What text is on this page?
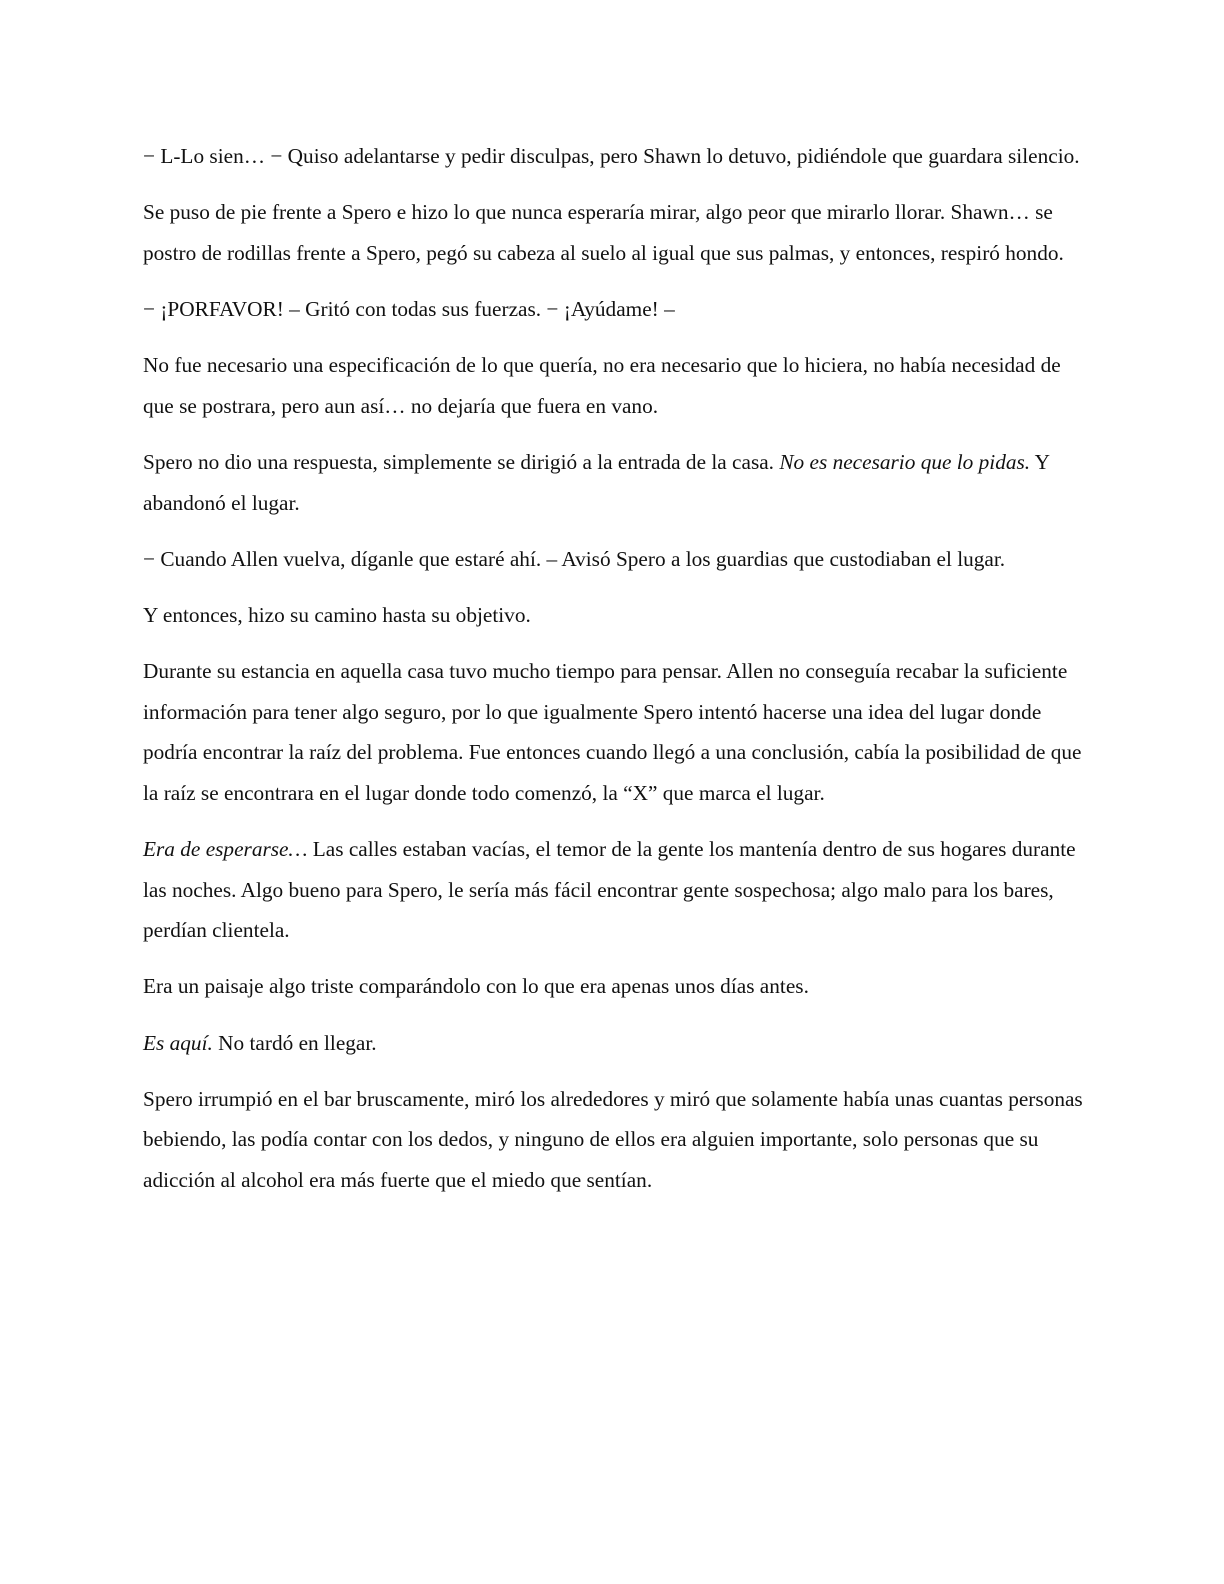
− L-Lo sien… − Quiso adelantarse y pedir disculpas, pero Shawn lo detuvo, pidiéndole que guardara silencio.

Se puso de pie frente a Spero e hizo lo que nunca esperaría mirar, algo peor que mirarlo llorar. Shawn… se postro de rodillas frente a Spero, pegó su cabeza al suelo al igual que sus palmas, y entonces, respiró hondo.

− ¡PORFAVOR! – Gritó con todas sus fuerzas. − ¡Ayúdame! –

No fue necesario una especificación de lo que quería, no era necesario que lo hiciera, no había necesidad de que se postrara, pero aun así… no dejaría que fuera en vano.

Spero no dio una respuesta, simplemente se dirigió a la entrada de la casa. No es necesario que lo pidas. Y abandonó el lugar.

− Cuando Allen vuelva, díganle que estaré ahí. – Avisó Spero a los guardias que custodiaban el lugar.

Y entonces, hizo su camino hasta su objetivo.

Durante su estancia en aquella casa tuvo mucho tiempo para pensar. Allen no conseguía recabar la suficiente información para tener algo seguro, por lo que igualmente Spero intentó hacerse una idea del lugar donde podría encontrar la raíz del problema. Fue entonces cuando llegó a una conclusión, cabía la posibilidad de que la raíz se encontrara en el lugar donde todo comenzó, la “X” que marca el lugar.

Era de esperarse… Las calles estaban vacías, el temor de la gente los mantenía dentro de sus hogares durante las noches. Algo bueno para Spero, le sería más fácil encontrar gente sospechosa; algo malo para los bares, perdían clientela.

Era un paisaje algo triste comparándolo con lo que era apenas unos días antes.

Es aquí. No tardó en llegar.

Spero irrumpió en el bar bruscamente, miró los alrededores y miró que solamente había unas cuantas personas bebiendo, las podía contar con los dedos, y ninguno de ellos era alguien importante, solo personas que su adicción al alcohol era más fuerte que el miedo que sentían.
